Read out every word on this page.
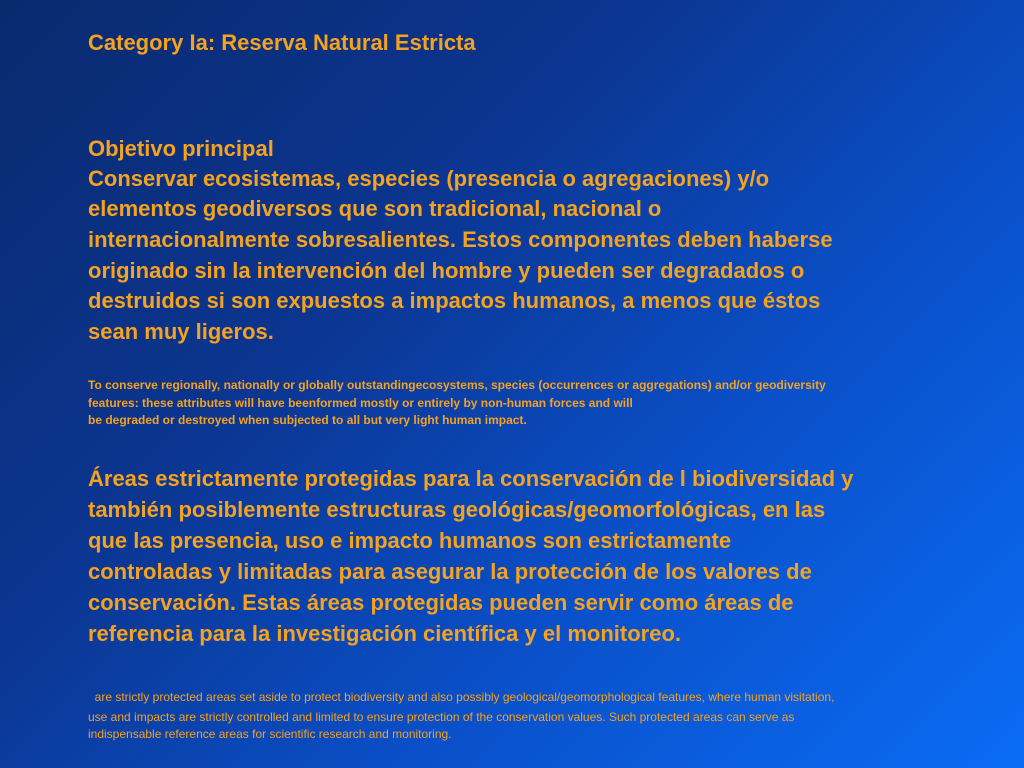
Category Ia: Reserva Natural Estricta
Objetivo principal
Conservar ecosistemas, especies (presencia o agregaciones) y/o
elementos geodiversos que son tradicional, nacional o
internacionalmente sobresalientes. Estos componentes deben haberse
originado sin la intervención del hombre y pueden ser degradados o
destruidos si son expuestos a impactos humanos, a menos que éstos
sean muy ligeros.
To conserve regionally, nationally or globally outstandingecosystems, species (occurrences or aggregations) and/or geodiversity
features: these attributes will have beenformed mostly or entirely by non-human forces and will
be degraded or destroyed when subjected to all but very light human impact.
Áreas estrictamente protegidas para la conservación de l biodiversidad y
también posiblemente estructuras geológicas/geomorfológicas, en las
que las presencia, uso e impacto humanos son estrictamente
controladas y limitadas para asegurar la protección de los valores de
conservación. Estas áreas protegidas pueden servir como áreas de
referencia para la investigación científica y el monitoreo.
are strictly protected areas set aside to protect biodiversity and also possibly geological/geomorphological features, where human visitation,
use and impacts are strictly controlled and limited to ensure protection of the conservation values. Such protected areas can serve as
indispensable reference areas for scientific research and monitoring.
